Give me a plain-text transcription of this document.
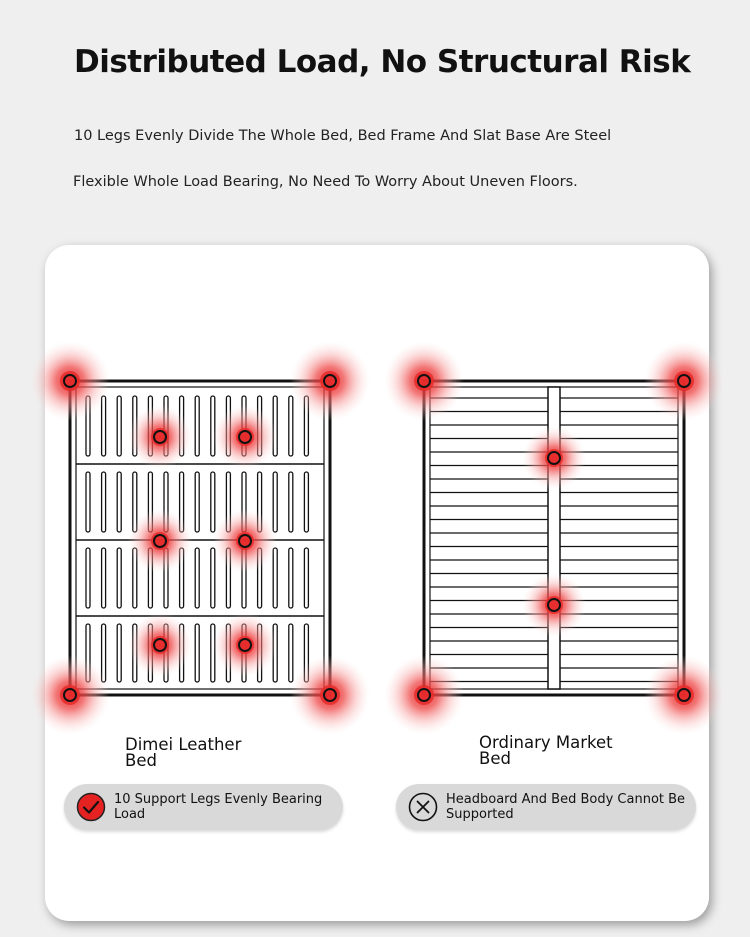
Distributed Load, No Structural Risk

10 Legs Evenly Divide The Whole Bed, Bed Frame And Slat Base Are Steel

Flexible Whole Load Bearing, No Need To Worry About Uneven Floors.

Dimei Leather
Bed
Ordinary Market
Bed
10 Support Legs Evenly Bearing Load
Headboard And Bed Body Cannot Be Supported
